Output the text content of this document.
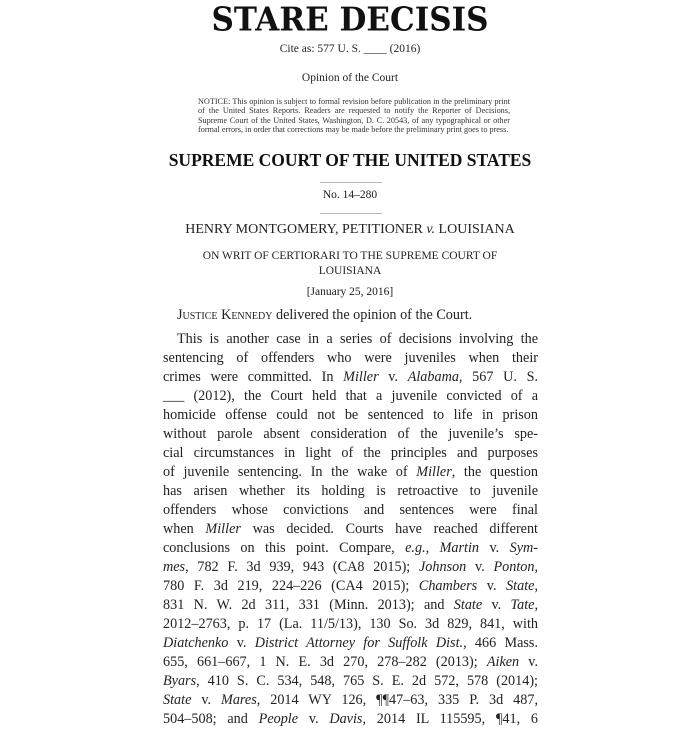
STARE DECISIS
Cite as: 577 U. S. ____ (2016)
Opinion of the Court
NOTICE: This opinion is subject to formal revision before publication in the preliminary print of the United States Reports. Readers are requested to notify the Reporter of Decisions, Supreme Court of the United States, Washington, D. C. 20543, of any typographical or other formal errors, in order that corrections may be made before the preliminary print goes to press.
SUPREME COURT OF THE UNITED STATES
No. 14–280
HENRY MONTGOMERY, PETITIONER v. LOUISIANA
ON WRIT OF CERTIORARI TO THE SUPREME COURT OF LOUISIANA
[January 25, 2016]
Justice Kennedy delivered the opinion of the Court.
This is another case in a series of decisions involving the
sentencing of offenders who were juveniles when their
crimes were committed. In Miller v. Alabama, 567 U. S.
___ (2012), the Court held that a juvenile convicted of a
homicide offense could not be sentenced to life in prison
without parole absent consideration of the juvenile’s spe-
cial circumstances in light of the principles and purposes
of juvenile sentencing. In the wake of Miller, the question
has arisen whether its holding is retroactive to juvenile
offenders whose convictions and sentences were final
when Miller was decided. Courts have reached different
conclusions on this point. Compare, e.g., Martin v. Sym-
mes, 782 F. 3d 939, 943 (CA8 2015); Johnson v. Ponton,
780 F. 3d 219, 224–226 (CA4 2015); Chambers v. State,
831 N. W. 2d 311, 331 (Minn. 2013); and State v. Tate,
2012–2763, p. 17 (La. 11/5/13), 130 So. 3d 829, 841, with
Diatchenko v. District Attorney for Suffolk Dist., 466 Mass.
655, 661–667, 1 N. E. 3d 270, 278–282 (2013); Aiken v.
Byars, 410 S. C. 534, 548, 765 S. E. 2d 572, 578 (2014);
State v. Mares, 2014 WY 126, ¶¶47–63, 335 P. 3d 487,
504–508; and People v. Davis, 2014 IL 115595, ¶41, 6
